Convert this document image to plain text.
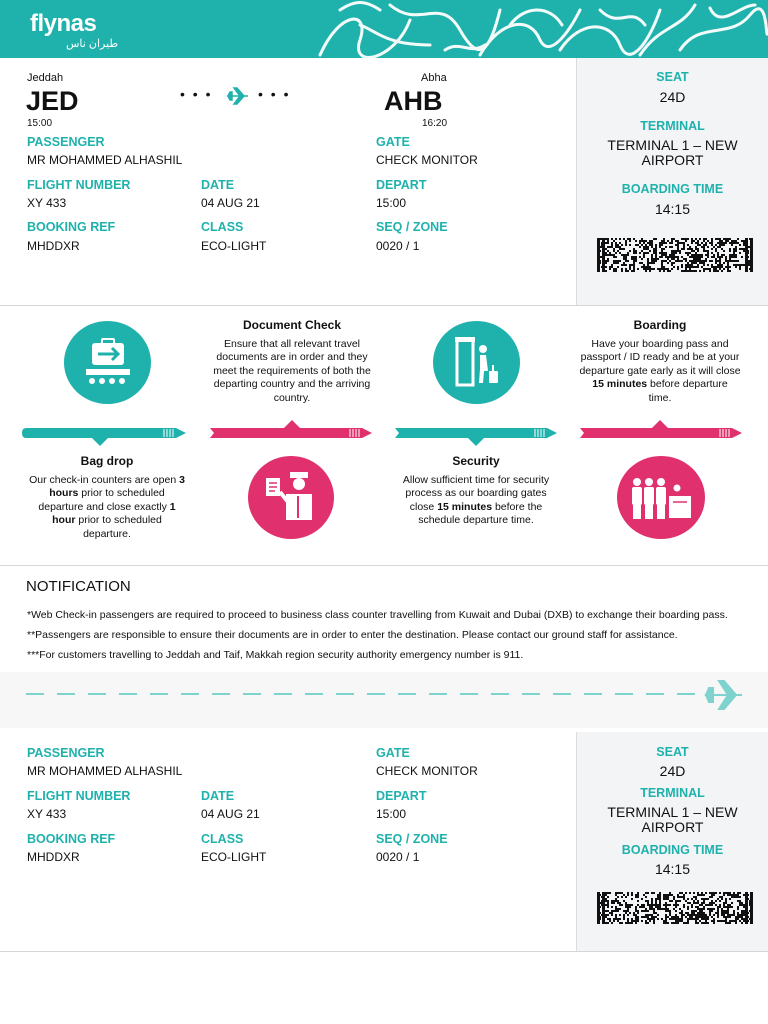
flynas
طيران ناس
Jeddah
JED
15:00
• • •	• • •
Abha
AHB
16:20
PASSENGER
MR MOHAMMED ALHASHIL
GATE
CHECK MONITOR
FLIGHT NUMBER
XY 433
DATE
04 AUG 21
DEPART
15:00
BOOKING REF
MHDDXR
CLASS
ECO-LIGHT
SEQ / ZONE
0020 / 1
SEAT
24D
TERMINAL
TERMINAL 1 – NEW
AIRPORT
BOARDING TIME
14:15
Document Check
Ensure that all relevant travel
documents are in order and they
meet the requirements of both the
departing country and the arriving
country.
Boarding
Have your boarding pass and
passport / ID ready and be at your
departure gate early as it will close
15 minutes before departure
time.
Bag drop
Our check-in counters are open 3
hours prior to scheduled
departure and close exactly 1
hour prior to scheduled
departure.
Security
Allow sufficient time for security
process as our boarding gates
close 15 minutes before the
schedule departure time.
NOTIFICATION
*Web Check-in passengers are required to proceed to business class counter travelling from Kuwait and Dubai (DXB) to exchange their boarding pass.
**Passengers are responsible to ensure their documents are in order to enter the destination. Please contact our ground staff for assistance.
***For customers travelling to Jeddah and Taif, Makkah region security authority emergency number is 911.
PASSENGER
MR MOHAMMED ALHASHIL
GATE
CHECK MONITOR
FLIGHT NUMBER
XY 433
DATE
04 AUG 21
DEPART
15:00
BOOKING REF
MHDDXR
CLASS
ECO-LIGHT
SEQ / ZONE
0020 / 1
SEAT
24D
TERMINAL
TERMINAL 1 – NEW
AIRPORT
BOARDING TIME
14:15
